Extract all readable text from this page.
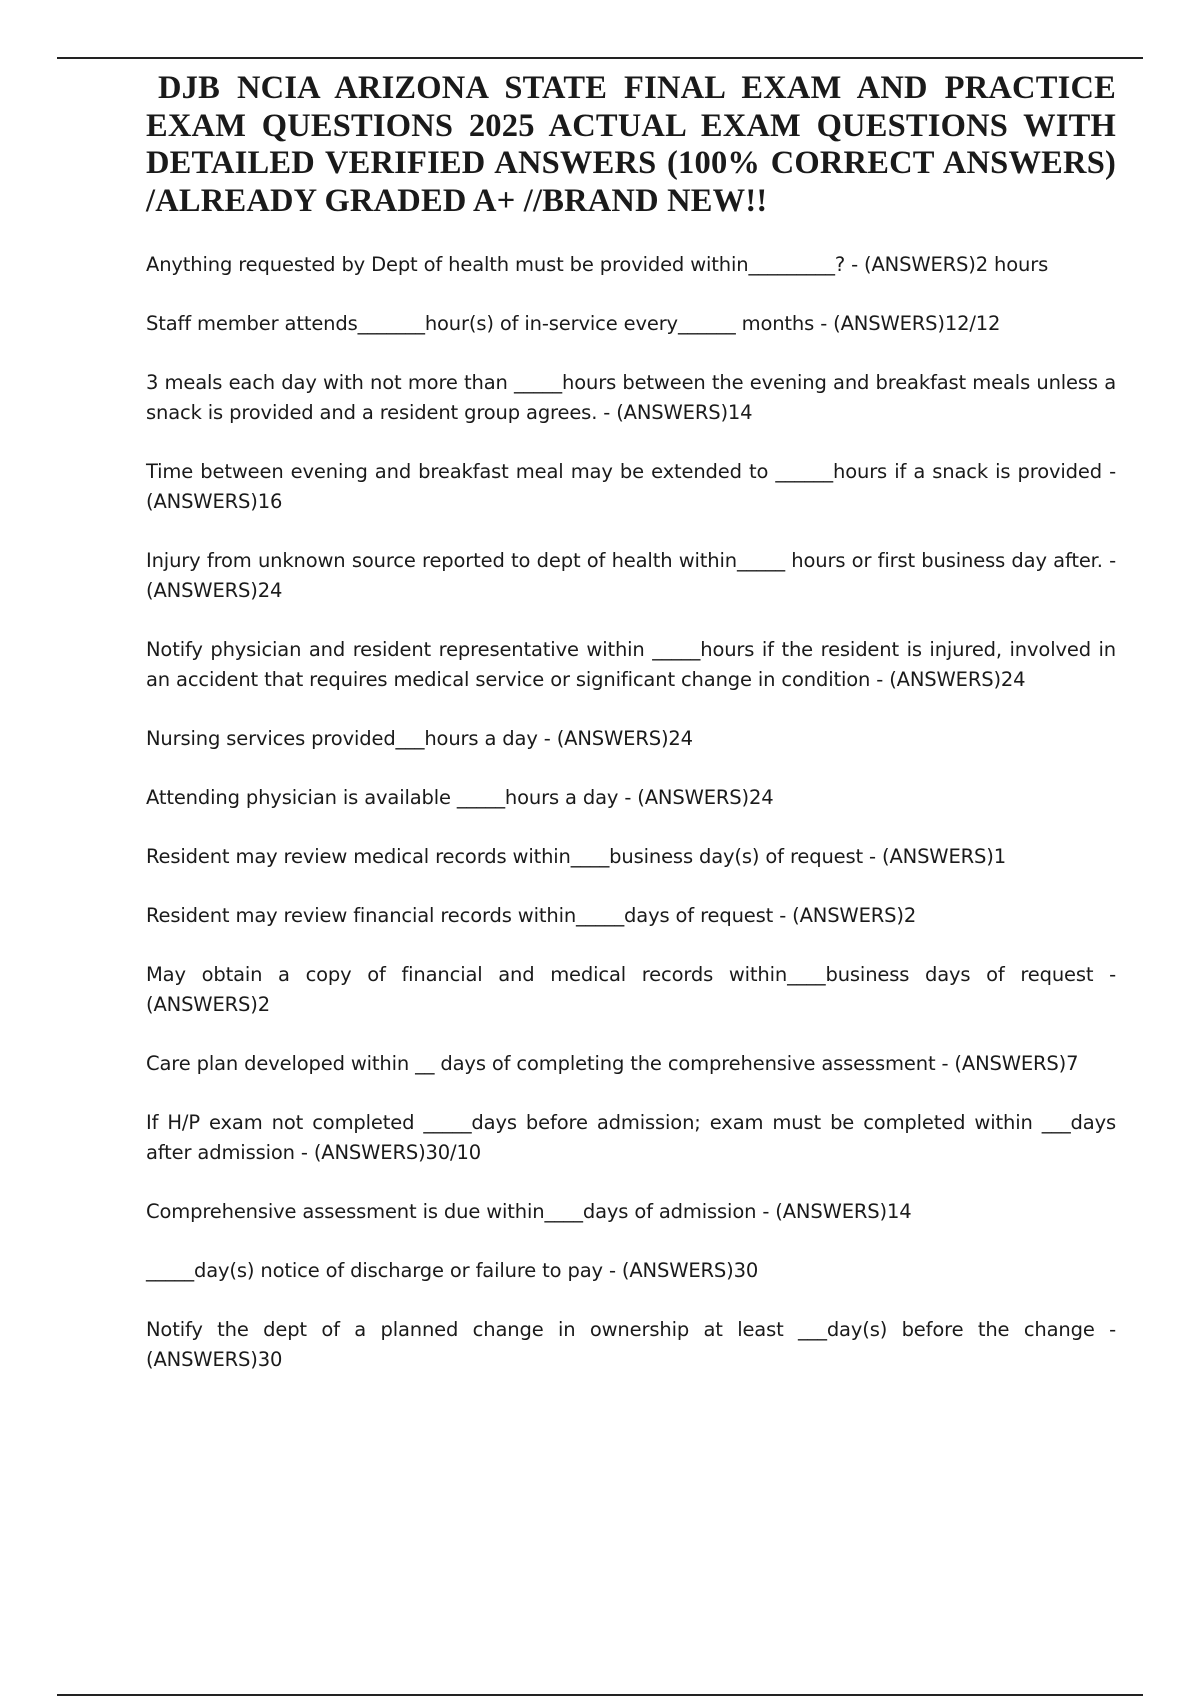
DJB NCIA ARIZONA STATE FINAL EXAM AND PRACTICE
EXAM QUESTIONS 2025 ACTUAL EXAM QUESTIONS WITH
DETAILED VERIFIED ANSWERS (100% CORRECT ANSWERS)
/ALREADY GRADED A+ //BRAND NEW!!

Anything requested by Dept of health must be provided within_________? - (ANSWERS)2 hours

Staff member attends_______hour(s) of in-service every______ months - (ANSWERS)12/12

3 meals each day with not more than _____hours between the evening and breakfast meals unless a snack is provided and a resident group agrees. - (ANSWERS)14

Time between evening and breakfast meal may be extended to ______hours if a snack is provided - (ANSWERS)16

Injury from unknown source reported to dept of health within_____ hours or first business day after. - (ANSWERS)24

Notify physician and resident representative within _____hours if the resident is injured, involved in an accident that requires medical service or significant change in condition - (ANSWERS)24

Nursing services provided___hours a day - (ANSWERS)24

Attending physician is available _____hours a day - (ANSWERS)24

Resident may review medical records within____business day(s) of request - (ANSWERS)1

Resident may review financial records within_____days of request - (ANSWERS)2

May obtain a copy of financial and medical records within____business days of request - (ANSWERS)2

Care plan developed within __ days of completing the comprehensive assessment - (ANSWERS)7

If H/P exam not completed _____days before admission; exam must be completed within ___days after admission - (ANSWERS)30/10

Comprehensive assessment is due within____days of admission - (ANSWERS)14

_____day(s) notice of discharge or failure to pay - (ANSWERS)30

Notify the dept of a planned change in ownership at least ___day(s) before the change - (ANSWERS)30
